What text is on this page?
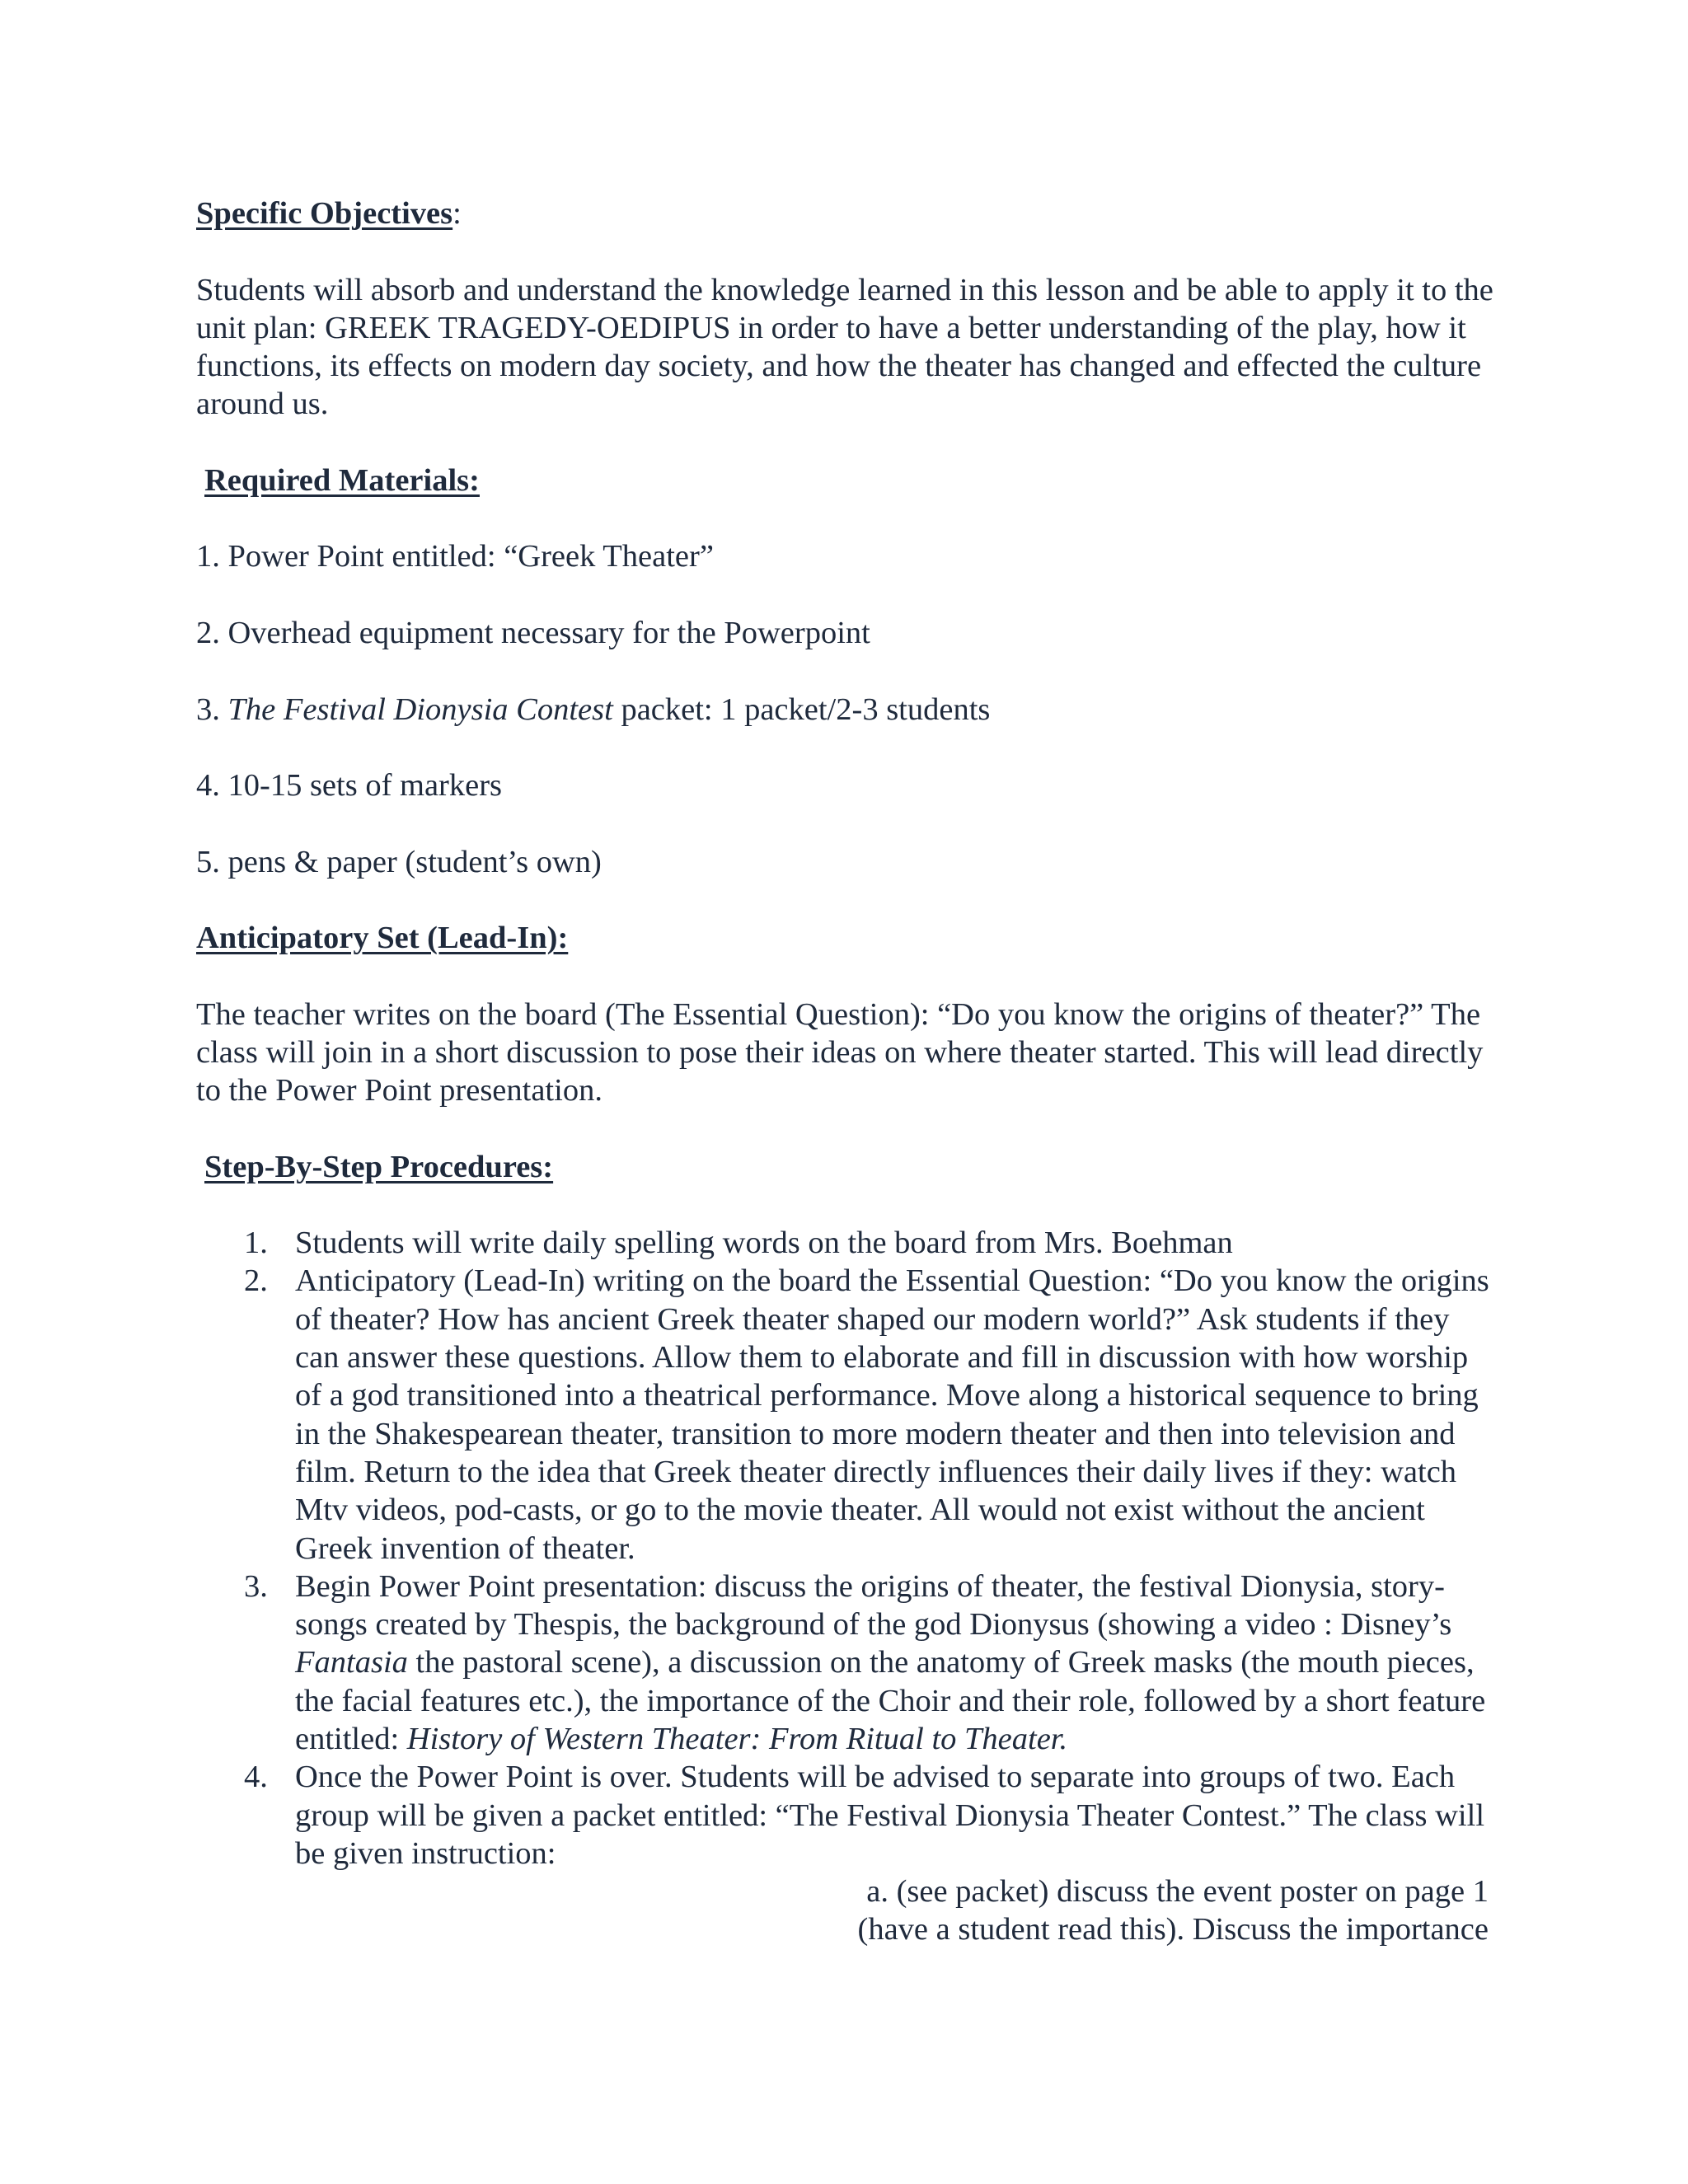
Specific Objectives:

Students will absorb and understand the knowledge learned in this lesson and be able to apply it to the unit plan: GREEK TRAGEDY-OEDIPUS in order to have a better understanding of the play, how it functions, its effects on modern day society, and how the theater has changed and effected the culture around us.

Required Materials:

1. Power Point entitled: “Greek Theater”

2. Overhead equipment necessary for the Powerpoint

3. The Festival Dionysia Contest packet: 1 packet/2-3 students

4. 10-15 sets of markers

5. pens & paper (student’s own)

Anticipatory Set (Lead-In):

The teacher writes on the board (The Essential Question): “Do you know the origins of theater?” The class will join in a short discussion to pose their ideas on where theater started. This will lead directly to the Power Point presentation.

Step-By-Step Procedures:

1. Students will write daily spelling words on the board from Mrs. Boehman
2. Anticipatory (Lead-In) writing on the board the Essential Question: “Do you know the origins of theater? How has ancient Greek theater shaped our modern world?” Ask students if they can answer these questions. Allow them to elaborate and fill in discussion with how worship of a god transitioned into a theatrical performance. Move along a historical sequence to bring in the Shakespearean theater, transition to more modern theater and then into television and film. Return to the idea that Greek theater directly influences their daily lives if they: watch Mtv videos, pod-casts, or go to the movie theater. All would not exist without the ancient Greek invention of theater.
3. Begin Power Point presentation: discuss the origins of theater, the festival Dionysia, story-songs created by Thespis, the background of the god Dionysus (showing a video : Disney’s Fantasia the pastoral scene), a discussion on the anatomy of Greek masks (the mouth pieces, the facial features etc.), the importance of the Choir and their role, followed by a short feature entitled: History of Western Theater: From Ritual to Theater.
4. Once the Power Point is over. Students will be advised to separate into groups of two. Each group will be given a packet entitled: “The Festival Dionysia Theater Contest.” The class will be given instruction:
a. (see packet) discuss the event poster on page 1
(have a student read this). Discuss the importance
